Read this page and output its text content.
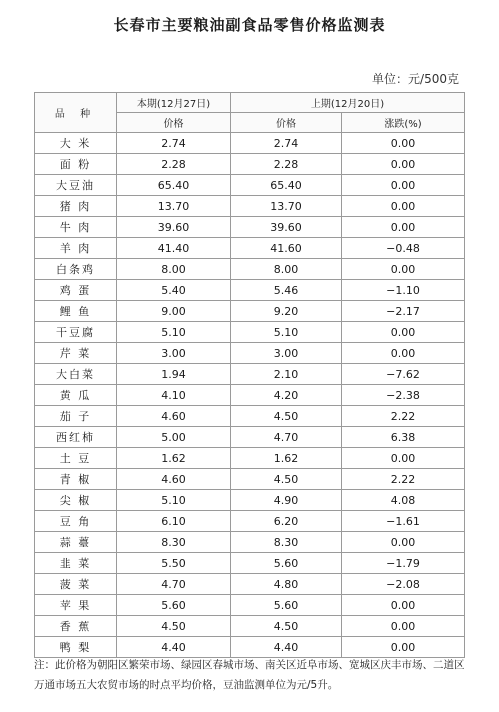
长春市主要粮油副食品零售价格监测表
单位：元/500克
品 种	本期(12月27日)	上期(12月20日)	
	价格	价格	涨跌(%)
大 米	2.74	2.74	0.00
面 粉	2.28	2.28	0.00
大豆油	65.40	65.40	0.00
猪 肉	13.70	13.70	0.00
牛 肉	39.60	39.60	0.00
羊 肉	41.40	41.60	−0.48
白条鸡	8.00	8.00	0.00
鸡 蛋	5.40	5.46	−1.10
鲤 鱼	9.00	9.20	−2.17
干豆腐	5.10	5.10	0.00
芹 菜	3.00	3.00	0.00
大白菜	1.94	2.10	−7.62
黄 瓜	4.10	4.20	−2.38
茄 子	4.60	4.50	2.22
西红柿	5.00	4.70	6.38
土 豆	1.62	1.62	0.00
青 椒	4.60	4.50	2.22
尖 椒	5.10	4.90	4.08
豆 角	6.10	6.20	−1.61
蒜 薹	8.30	8.30	0.00
韭 菜	5.50	5.60	−1.79
菠 菜	4.70	4.80	−2.08
苹 果	5.60	5.60	0.00
香 蕉	4.50	4.50	0.00
鸭 梨	4.40	4.40	0.00
注：此价格为朝阳区繁荣市场、绿园区春城市场、南关区近阜市场、宽城区庆丰市场、二道区万通市场五大农贸市场的时点平均价格，豆油监测单位为元/5升。
